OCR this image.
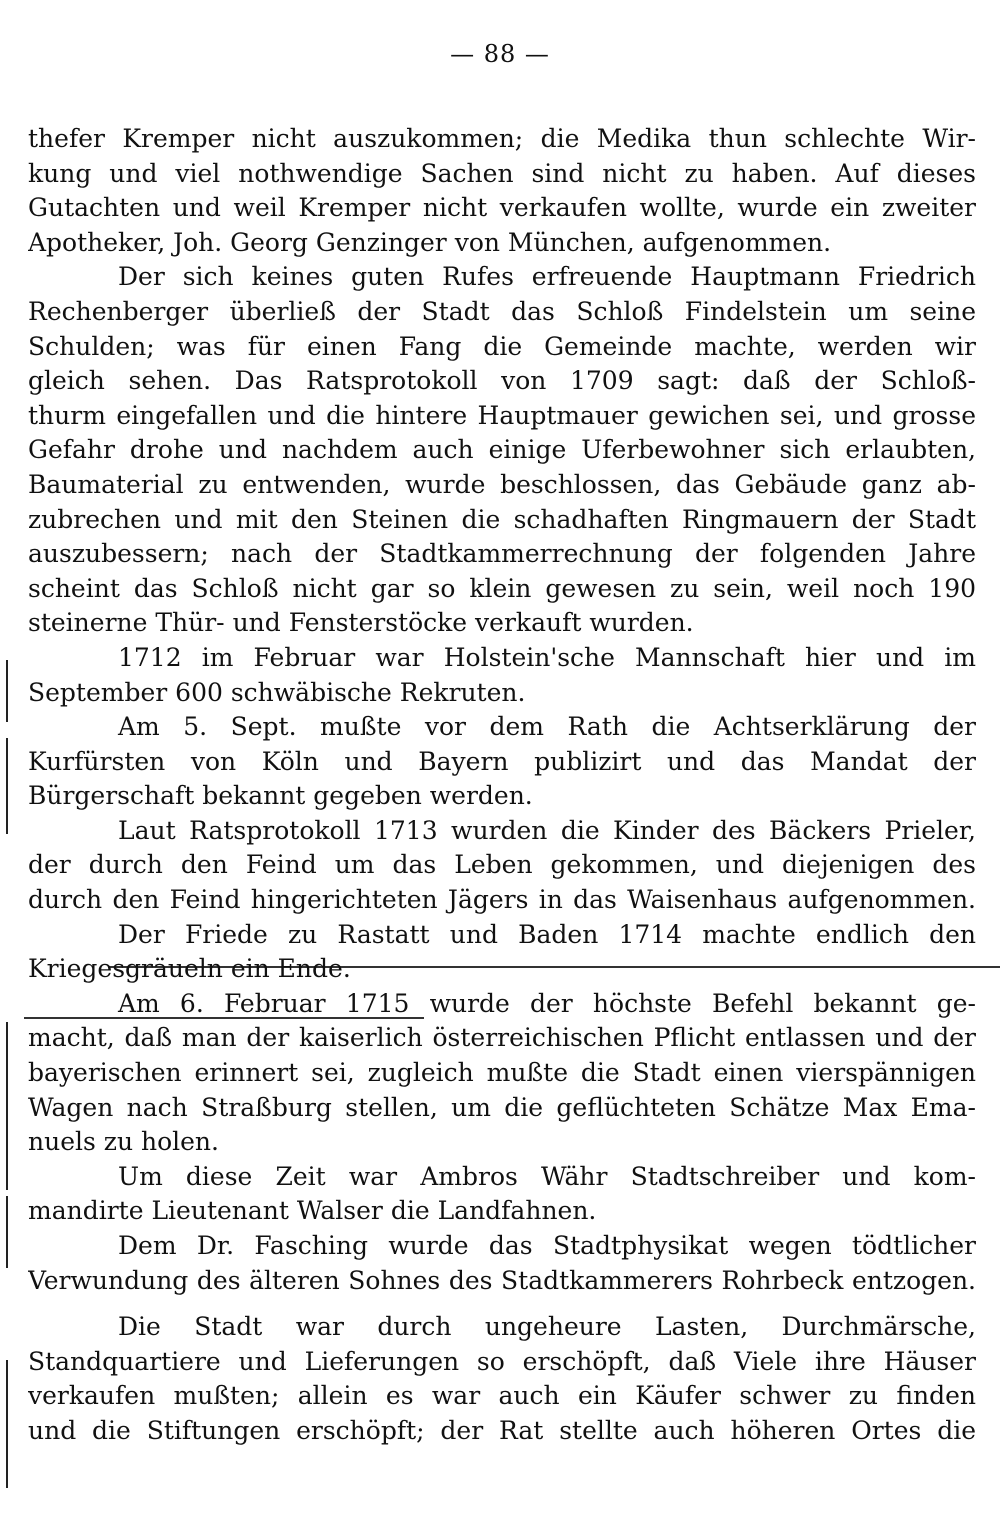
— 88 —
thefer Kremper nicht auszukommen; die Medika thun schlechte Wir-
kung und viel nothwendige Sachen sind nicht zu haben. Auf dieses
Gutachten und weil Kremper nicht verkaufen wollte, wurde ein zweiter
Apotheker, Joh. Georg Genzinger von München, aufgenommen.
Der sich keines guten Rufes erfreuende Hauptmann Friedrich
Rechenberger überließ der Stadt das Schloß Findelstein um seine
Schulden; was für einen Fang die Gemeinde machte, werden wir
gleich sehen. Das Ratsprotokoll von 1709 sagt: daß der Schloß-
thurm eingefallen und die hintere Hauptmauer gewichen sei, und grosse
Gefahr drohe und nachdem auch einige Uferbewohner sich erlaubten,
Baumaterial zu entwenden, wurde beschlossen, das Gebäude ganz ab-
zubrechen und mit den Steinen die schadhaften Ringmauern der Stadt
auszubessern; nach der Stadtkammerrechnung der folgenden Jahre
scheint das Schloß nicht gar so klein gewesen zu sein, weil noch 190
steinerne Thür- und Fensterstöcke verkauft wurden.
1712 im Februar war Holstein'sche Mannschaft hier und im
September 600 schwäbische Rekruten.
Am 5. Sept. mußte vor dem Rath die Achtserklärung der
Kurfürsten von Köln und Bayern publizirt und das Mandat der
Bürgerschaft bekannt gegeben werden.
Laut Ratsprotokoll 1713 wurden die Kinder des Bäckers Prieler,
der durch den Feind um das Leben gekommen, und diejenigen des
durch den Feind hingerichteten Jägers in das Waisenhaus aufgenommen.
Der Friede zu Rastatt und Baden 1714 machte endlich den
Kriegesgräueln ein Ende.
Am 6. Februar 1715 wurde der höchste Befehl bekannt ge-
macht, daß man der kaiserlich österreichischen Pflicht entlassen und der
bayerischen erinnert sei, zugleich mußte die Stadt einen vierspännigen
Wagen nach Straßburg stellen, um die geflüchteten Schätze Max Ema-
nuels zu holen.
Um diese Zeit war Ambros Währ Stadtschreiber und kom-
mandirte Lieutenant Walser die Landfahnen.
Dem Dr. Fasching wurde das Stadtphysikat wegen tödtlicher
Verwundung des älteren Sohnes des Stadtkammerers Rohrbeck entzogen.
Die Stadt war durch ungeheure Lasten, Durchmärsche,
Standquartiere und Lieferungen so erschöpft, daß Viele ihre Häuser
verkaufen mußten; allein es war auch ein Käufer schwer zu finden
und die Stiftungen erschöpft; der Rat stellte auch höheren Ortes die
